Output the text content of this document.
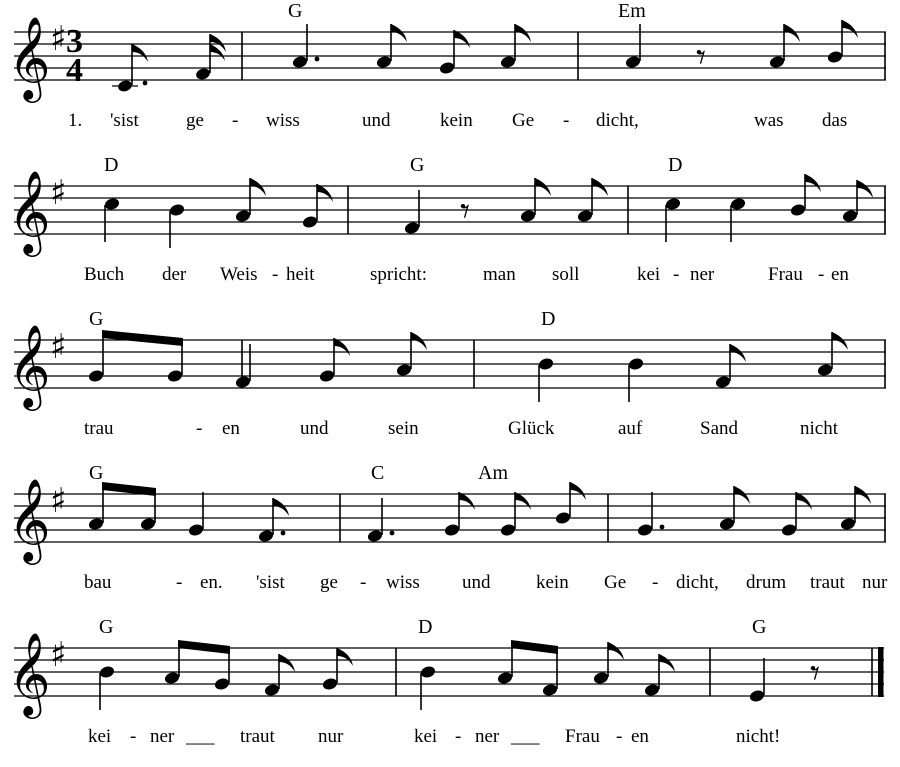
𝄞 ♯ 3
4	𝄾
G	Em
1. 'sist ge - wiss	und	kein Ge - dicht,	was das
𝄞 ♯	𝄾
D	G	D
Buch der Weis - heit	spricht:	man soll	kei - ner	Frau - en
𝄞 ♯
G	D
trau	- en	und	sein	Glück	auf	Sand	nicht
𝄞 ♯
G	C	Am
bau	- en. 'sist ge - wiss und kein Ge - dicht, drum traut nur
𝄞 ♯	𝄾
G	D	G
kei - ner ___ traut nur	kei - ner ___ Frau - en	nicht!
